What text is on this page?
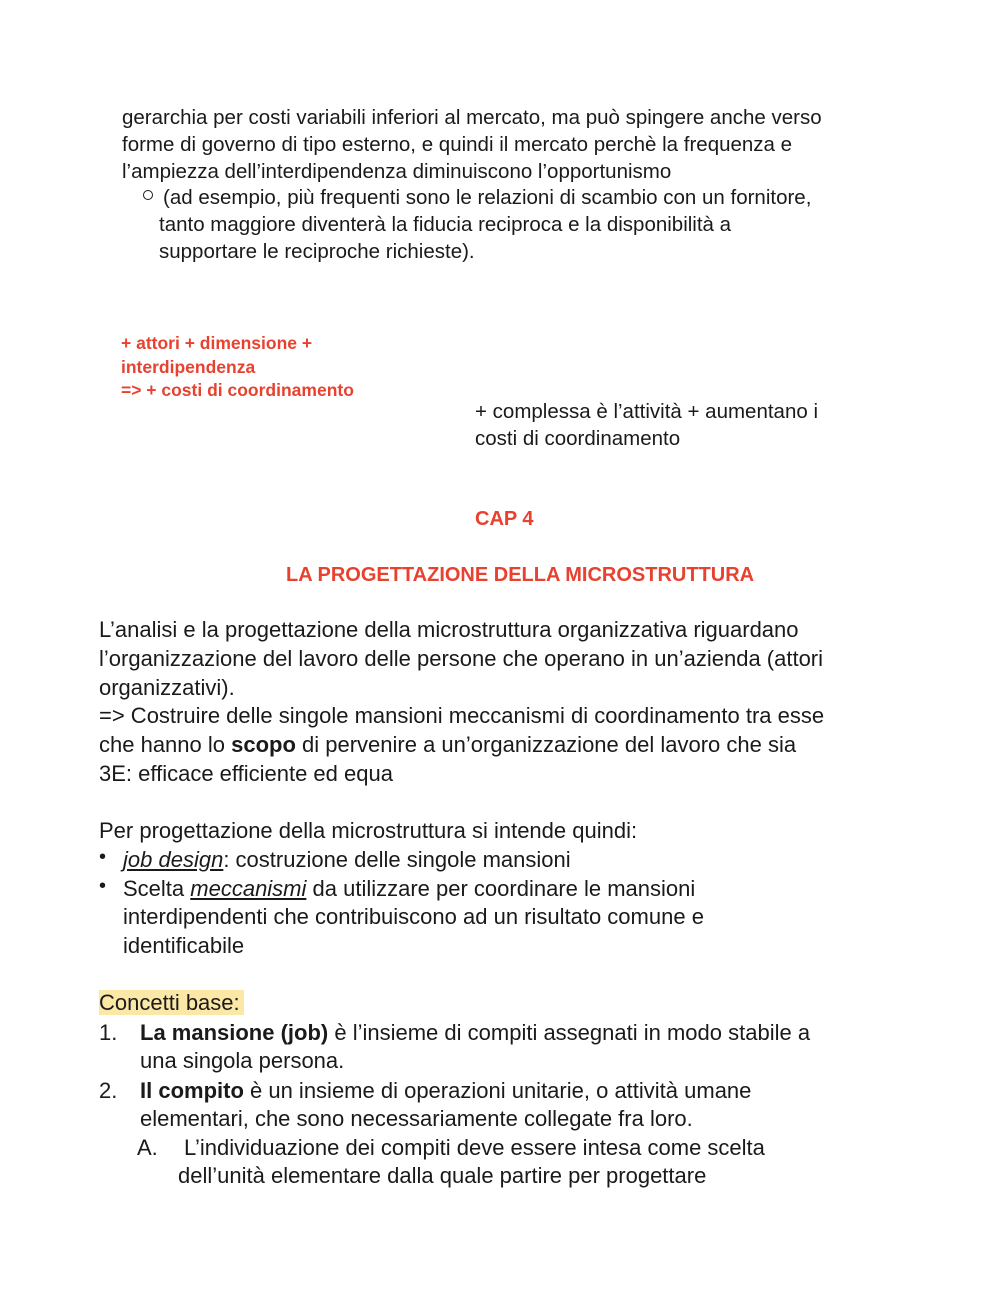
gerarchia per costi variabili inferiori al mercato, ma può spingere anche verso
forme di governo di tipo esterno, e quindi il mercato perchè la frequenza e
l’ampiezza dell’interdipendenza diminuiscono l’opportunismo
(ad esempio, più frequenti sono le relazioni di scambio con un fornitore,
tanto maggiore diventerà la fiducia reciproca e la disponibilità a
supportare le reciproche richieste).
+ attori + dimensione +
interdipendenza
=> + costi di coordinamento
+ complessa è l’attività + aumentano i
costi di coordinamento
CAP 4
LA PROGETTAZIONE DELLA MICROSTRUTTURA
L’analisi e la progettazione della microstruttura organizzativa riguardano
l’organizzazione del lavoro delle persone che operano in un’azienda (attori
organizzativi).
=> Costruire delle singole mansioni meccanismi di coordinamento tra esse
che hanno lo scopo di pervenire a un’organizzazione del lavoro che sia
3E: efficace efficiente ed equa
Per progettazione della microstruttura si intende quindi:
• job design: costruzione delle singole mansioni
• Scelta meccanismi da utilizzare per coordinare le mansioni
interdipendenti che contribuiscono ad un risultato comune e
identificabile
Concetti base:
1. La mansione (job) è l’insieme di compiti assegnati in modo stabile a
una singola persona.
2. Il compito è un insieme di operazioni unitarie, o attività umane
elementari, che sono necessariamente collegate fra loro.
A. L’individuazione dei compiti deve essere intesa come scelta
dell’unità elementare dalla quale partire per progettare
